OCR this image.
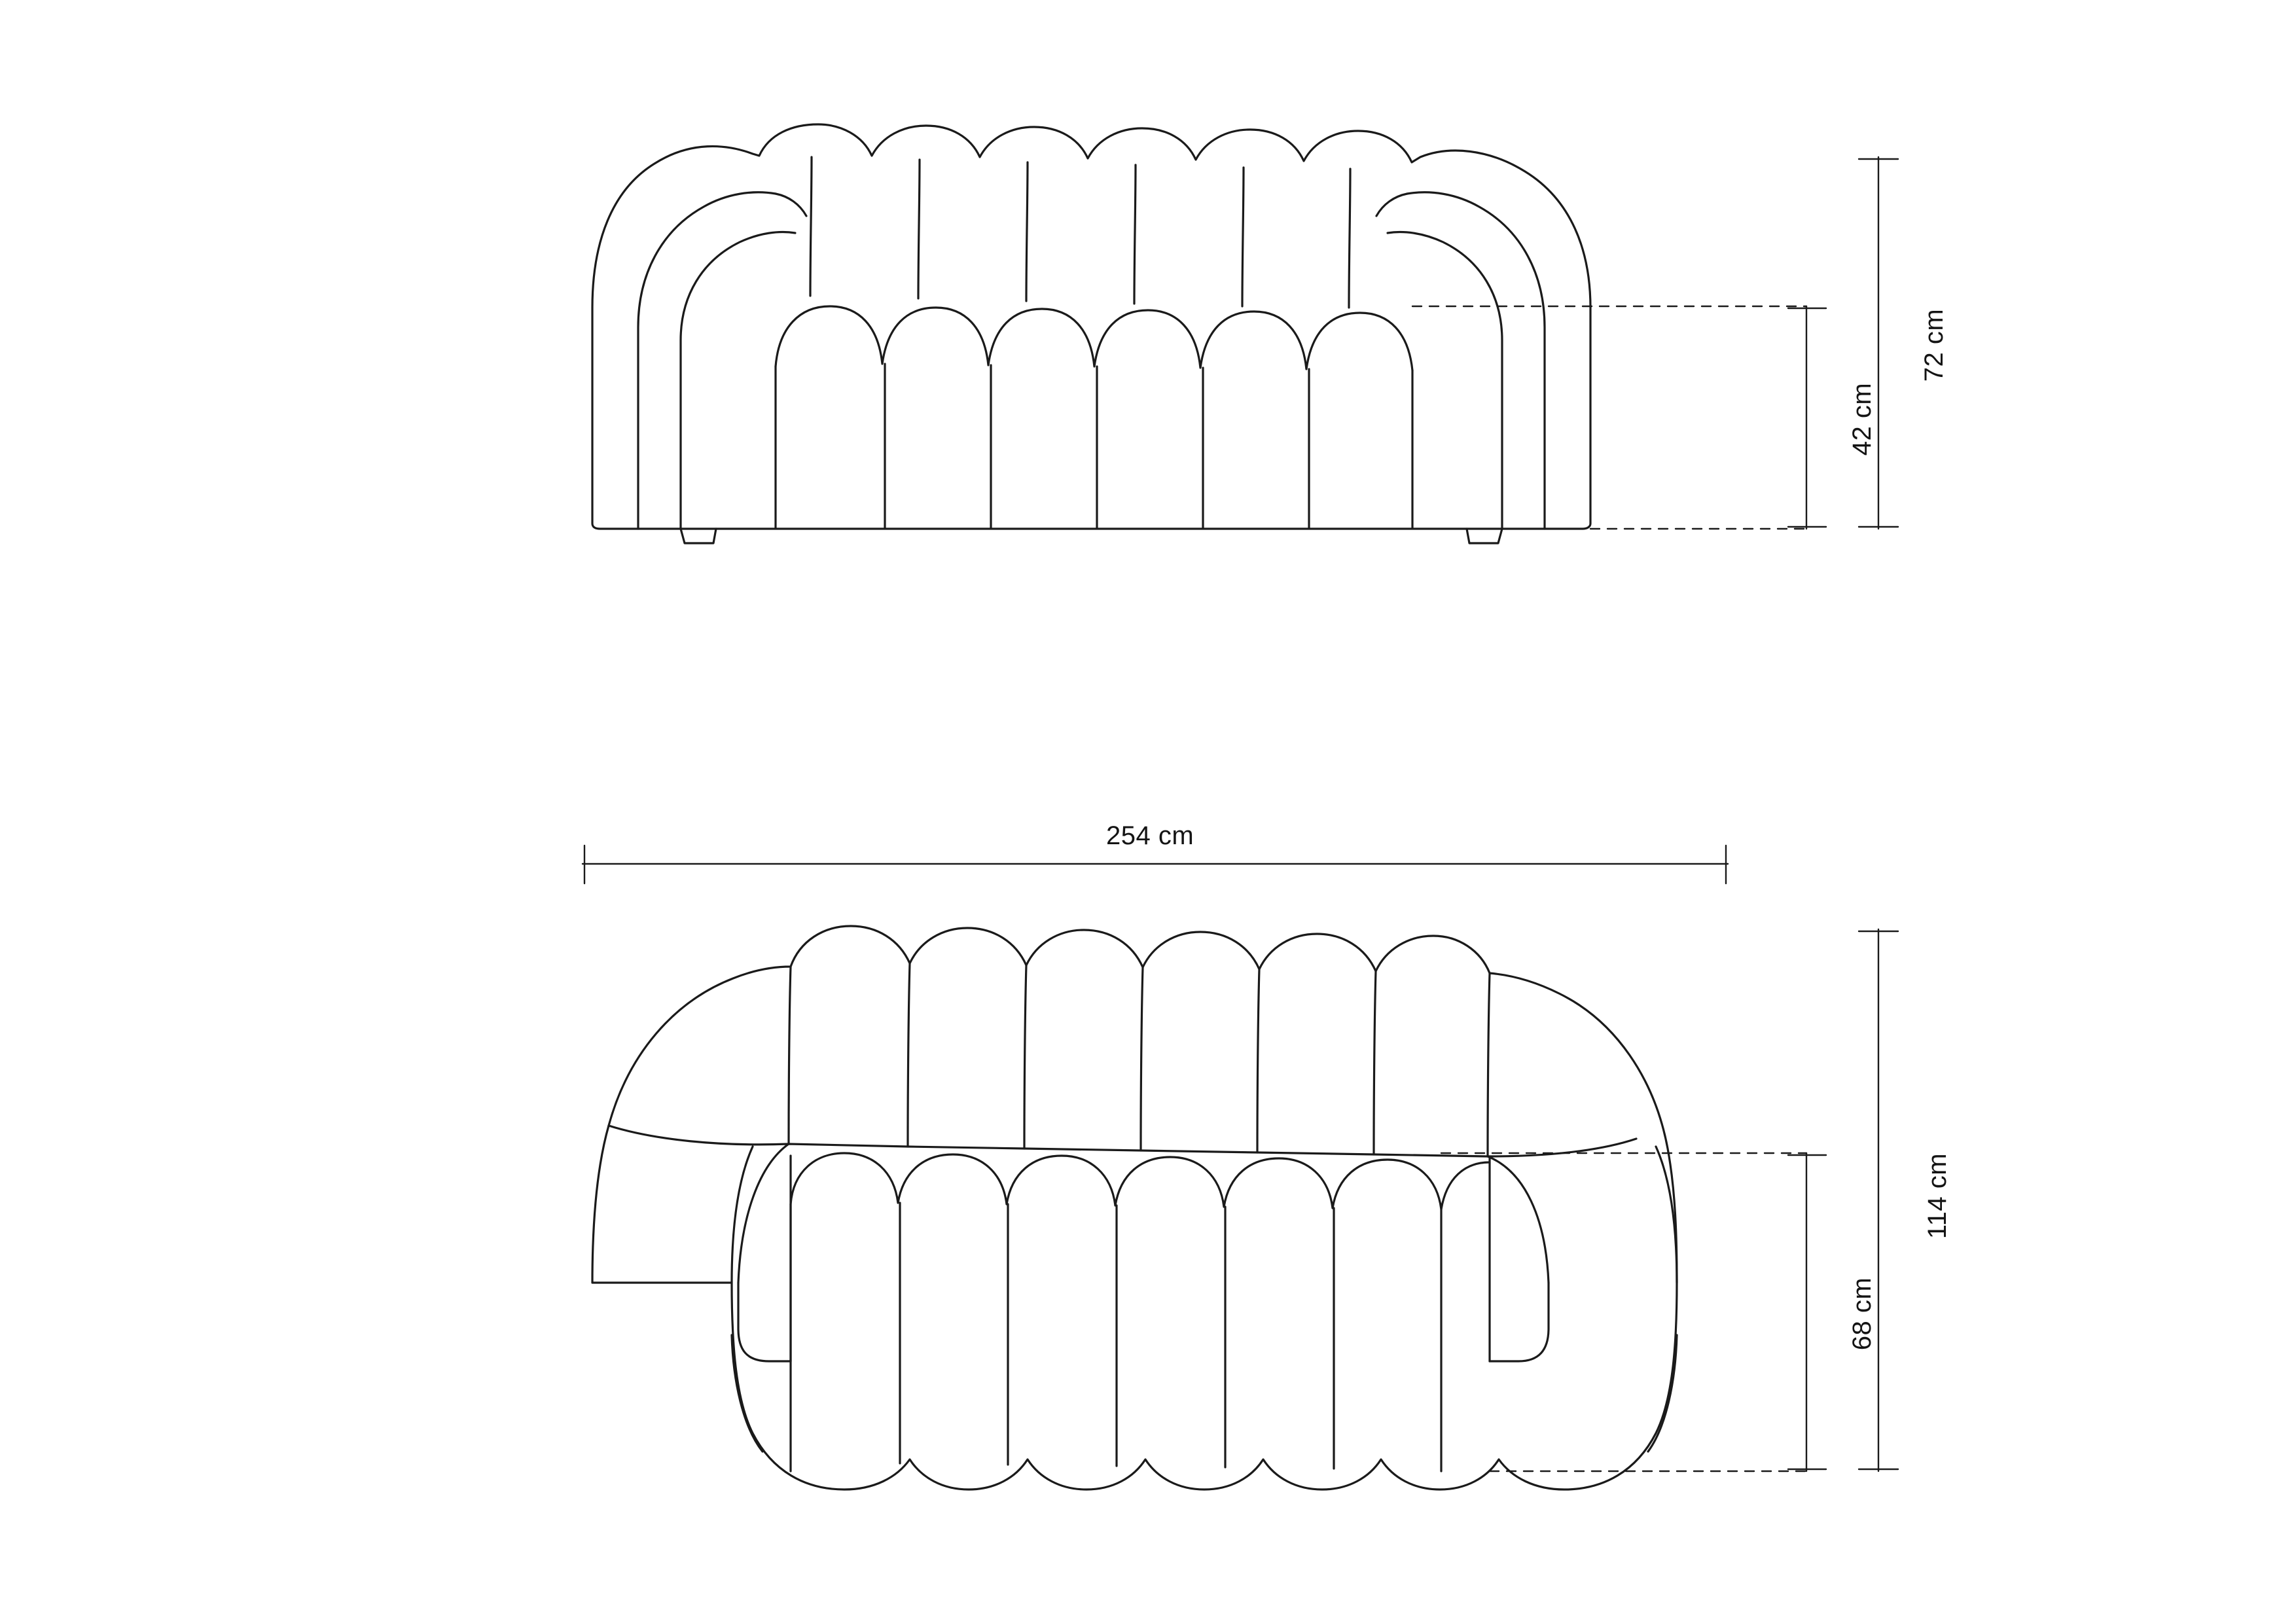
72 cm
42 cm
254 cm
114 cm
68 cm
